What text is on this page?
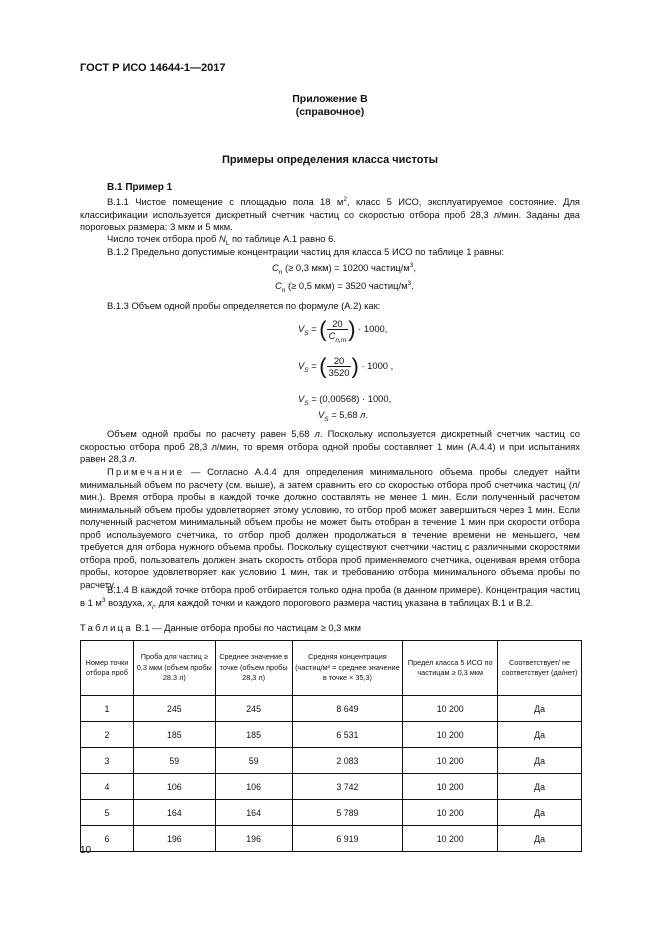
ГОСТ Р ИСО 14644-1—2017
Приложение В
(справочное)
Примеры определения класса чистоты
В.1 Пример 1

В.1.1 Чистое помещение с площадью пола 18 $м^2$, класс 5 ИСО, эксплуатируемое состояние. Для классификации используется дискретный счетчик частиц со скоростью отбора проб 28,3 л/мин. Заданы два пороговых размера: 3 мкм и 5 мкм.

Число точек отбора проб $N_L$ по таблице А.1 равно 6.

В.1.2 Предельно допустимые концентрации частиц для класса 5 ИСО по таблице 1 равны:

$C_n$ (≥ 0,3 мкм) = 10200 частиц/$м^3$,
$C_n$ (≥ 0,5 мкм) = 3520 частиц/$м^3$.

В.1.3 Объем одной пробы определяется по формуле (А.2) как:

$V_S$ = ( $\frac{20}{C_{n,m}}$ ) · 1000,
$V_S$ = ( $\frac{20}{3520}$ ) · 1000 ,
$V_S = (0,00568) \cdot 1000$,
$V_S = 5,68$ л.

Объем одной пробы по расчету равен 5,68 л. Поскольку используется дискретный счетчик частиц со скоростью отбора проб 28,3 л/мин, то время отбора одной пробы составляет 1 мин (А.4.4) и при испытаниях равен 28,3 л.

Примечание — Согласно А.4.4 для определения минимального объема пробы следует найти минимальный объем по расчету (см. выше), а затем сравнить его со скоростью отбора проб счетчика частиц (л/мин.). Время отбора пробы в каждой точке должно составлять не менее 1 мин. Если полученный расчетом минимальный объем пробы удовлетворяет этому условию, то отбор проб может завершиться через 1 мин. Если полученный расчетом минимальный объем пробы не может быть отобран в течение 1 мин при скорости отбора проб используемого счетчика, то отбор проб должен продолжаться в течение времени не меньшего, чем требуется для отбора нужного объема пробы. Поскольку существуют счетчики частиц с различными скоростями отбора проб, пользователь должен знать скорость отбора проб применяемого счетчика, оценивая время отбора пробы, которое удовлетворяет как условию 1 мин, так и требованию отбора минимального объема пробы по расчету.

В.1.4 В каждой точке отбора проб отбирается только одна проба (в данном примере). Концентрация частиц в 1 $м^3$ воздуха, $x_i$, для каждой точки и каждого порогового размера частиц указана в таблицах В.1 и В.2.

Таблица В.1 — Данные отбора пробы по частицам ≥ 0,3 мкм
Номер точки отбора проб	Проба для частиц ≥ 0,3 мкм (объем пробы 28.3 л)	Среднее значение в точке (объем пробы 28,3 л)	Средняя концентрация (частиц/м³ = среднее значение в точке × 35,3)	Предел класса 5 ИСО по частицам ≥ 0,3 мкм	Соответствует/ не соответствует (да/нет)
1	245	245	8 649	10 200	Да
2	185	185	6 531	10 200	Да
3	59	59	2 083	10 200	Да
4	106	106	3 742	10 200	Да
5	164	164	5 789	10 200	Да
6	196	196	6 919	10 200	Да
10
